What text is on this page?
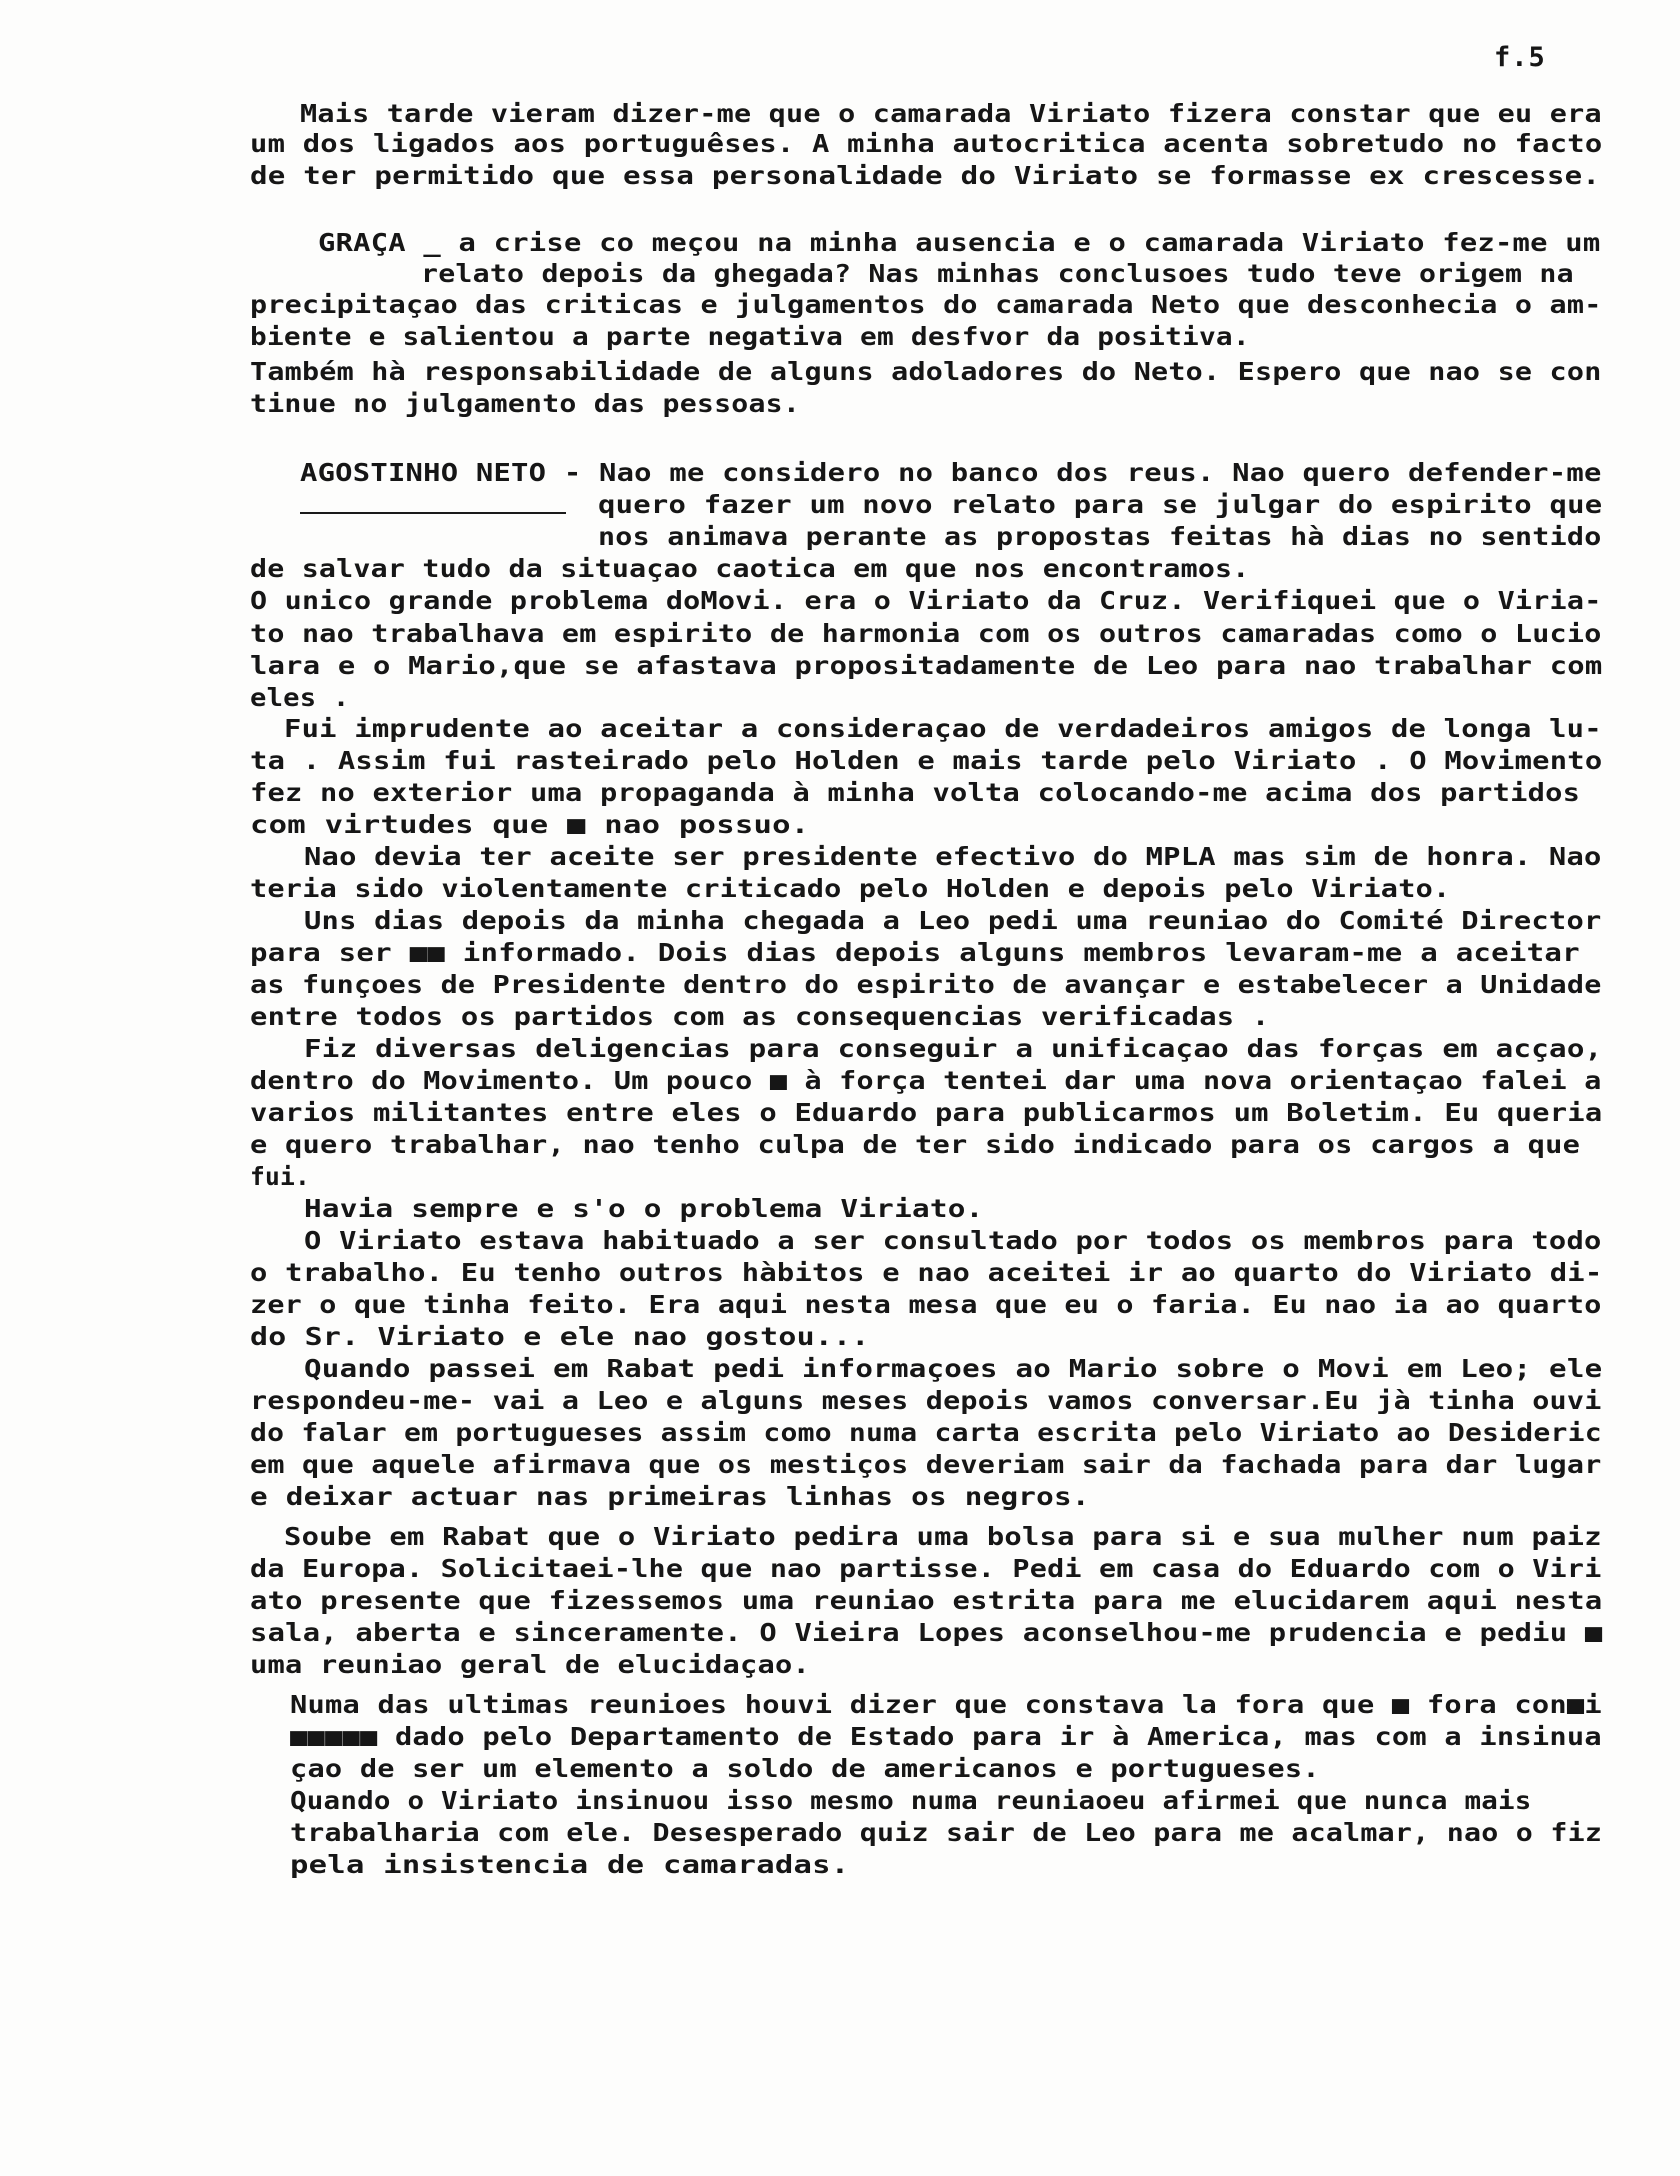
f.5
Mais tarde vieram dizer-me que o camarada Viriato fizera constar que eu era
um dos ligados aos portuguêses. A minha autocritica acenta sobretudo no facto
de ter permitido que essa personalidade do Viriato se formasse ex crescesse.
GRAÇA _ a crise co meçou na minha ausencia e o camarada Viriato fez-me um
relato depois da ghegada? Nas minhas conclusoes tudo teve origem na
precipitaçao das criticas e julgamentos do camarada Neto que desconhecia o am-
biente e salientou a parte negativa em desfvor da positiva.
Também hà responsabilidade de alguns adoladores do Neto. Espero que nao se con
tinue no julgamento das pessoas.
AGOSTINHO NETO - Nao me considero no banco dos reus. Nao quero defender-me
quero fazer um novo relato para se julgar do espirito que
nos animava perante as propostas feitas hà dias no sentido
de salvar tudo da situaçao caotica em que nos encontramos.
O unico grande problema doMovi. era o Viriato da Cruz. Verifiquei que o Viria-
to nao trabalhava em espirito de harmonia com os outros camaradas como o Lucio
lara e o Mario,que se afastava propositadamente de Leo para nao trabalhar com
eles .
Fui imprudente ao aceitar a consideraçao de verdadeiros amigos de longa lu-
ta . Assim fui rasteirado pelo Holden e mais tarde pelo Viriato . O Movimento
fez no exterior uma propaganda à minha volta colocando-me acima dos partidos
com virtudes que ■ nao possuo.
Nao devia ter aceite ser presidente efectivo do MPLA mas sim de honra. Nao
teria sido violentamente criticado pelo Holden e depois pelo Viriato.
Uns dias depois da minha chegada a Leo pedi uma reuniao do Comité Director
para ser ■■ informado. Dois dias depois alguns membros levaram-me a aceitar
as funçoes de Presidente dentro do espirito de avançar e estabelecer a Unidade
entre todos os partidos com as consequencias verificadas .
Fiz diversas deligencias para conseguir a unificaçao das forças em acçao,
dentro do Movimento. Um pouco ■ à força tentei dar uma nova orientaçao falei a
varios militantes entre eles o Eduardo para publicarmos um Boletim. Eu queria
e quero trabalhar, nao tenho culpa de ter sido indicado para os cargos a que
fui.
Havia sempre e s'o o problema Viriato.
O Viriato estava habituado a ser consultado por todos os membros para todo
o trabalho. Eu tenho outros hàbitos e nao aceitei ir ao quarto do Viriato di-
zer o que tinha feito. Era aqui nesta mesa que eu o faria. Eu nao ia ao quarto
do Sr. Viriato e ele nao gostou...
Quando passei em Rabat pedi informaçoes ao Mario sobre o Movi em Leo; ele
respondeu-me- vai a Leo e alguns meses depois vamos conversar.Eu jà tinha ouvi
do falar em portugueses assim como numa carta escrita pelo Viriato ao Desideric
em que aquele afirmava que os mestiços deveriam sair da fachada para dar lugar
e deixar actuar nas primeiras linhas os negros.
Soube em Rabat que o Viriato pedira uma bolsa para si e sua mulher num paiz
da Europa. Solicitaei-lhe que nao partisse. Pedi em casa do Eduardo com o Viri
ato presente que fizessemos uma reuniao estrita para me elucidarem aqui nesta
sala, aberta e sinceramente. O Vieira Lopes aconselhou-me prudencia e pediu ■
uma reuniao geral de elucidaçao.
Numa das ultimas reunioes houvi dizer que constava la fora que ■ fora con■i
■■■■■ dado pelo Departamento de Estado para ir à America, mas com a insinua
çao de ser um elemento a soldo de americanos e portugueses.
Quando o Viriato insinuou isso mesmo numa reuniaoeu afirmei que nunca mais
trabalharia com ele. Desesperado quiz sair de Leo para me acalmar, nao o fiz
pela insistencia de camaradas.
